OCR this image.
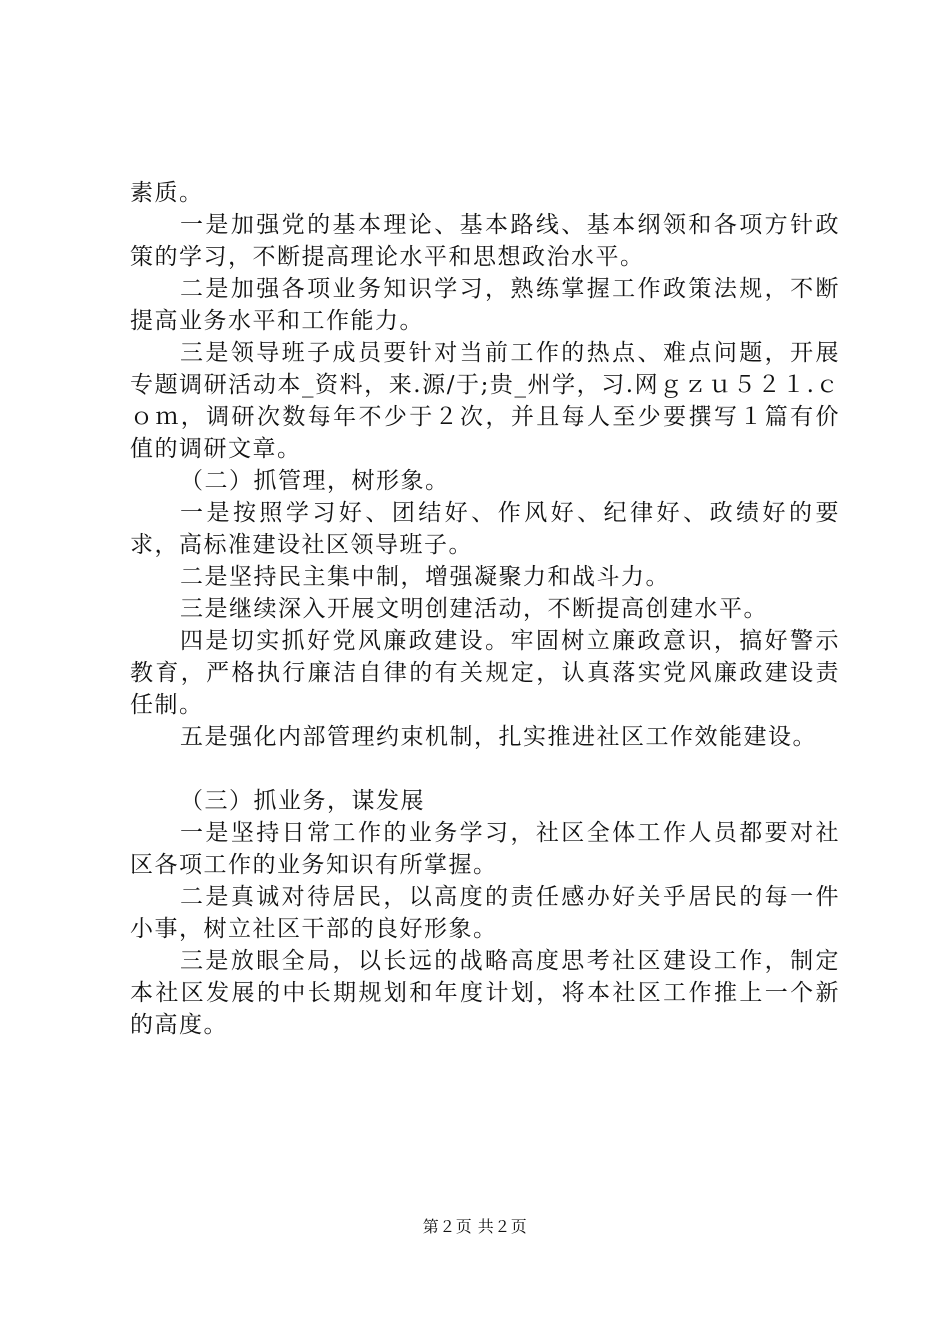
素质。

一是加强党的基本理论、基本路线、基本纲领和各项方针政策的学习，不断提高理论水平和思想政治水平。

二是加强各项业务知识学习，熟练掌握工作政策法规，不断提高业务水平和工作能力。

三是领导班子成员要针对当前工作的热点、难点问题，开展专题调研活动本_资料，来.源/于;贵_州学，习.网ｇｚｕ５２１.ｃｏｍ，调研次数每年不少于２次，并且每人至少要撰写１篇有价值的调研文章。

（二）抓管理，树形象。

一是按照学习好、团结好、作风好、纪律好、政绩好的要求，高标准建设社区领导班子。

二是坚持民主集中制，增强凝聚力和战斗力。

三是继续深入开展文明创建活动，不断提高创建水平。

四是切实抓好党风廉政建设。牢固树立廉政意识，搞好警示教育，严格执行廉洁自律的有关规定，认真落实党风廉政建设责任制。

五是强化内部管理约束机制，扎实推进社区工作效能建设。

（三）抓业务，谋发展

一是坚持日常工作的业务学习，社区全体工作人员都要对社区各项工作的业务知识有所掌握。

二是真诚对待居民，以高度的责任感办好关乎居民的每一件小事，树立社区干部的良好形象。

三是放眼全局，以长远的战略高度思考社区建设工作，制定本社区发展的中长期规划和年度计划，将本社区工作推上一个新的高度。

第２页 共２页
